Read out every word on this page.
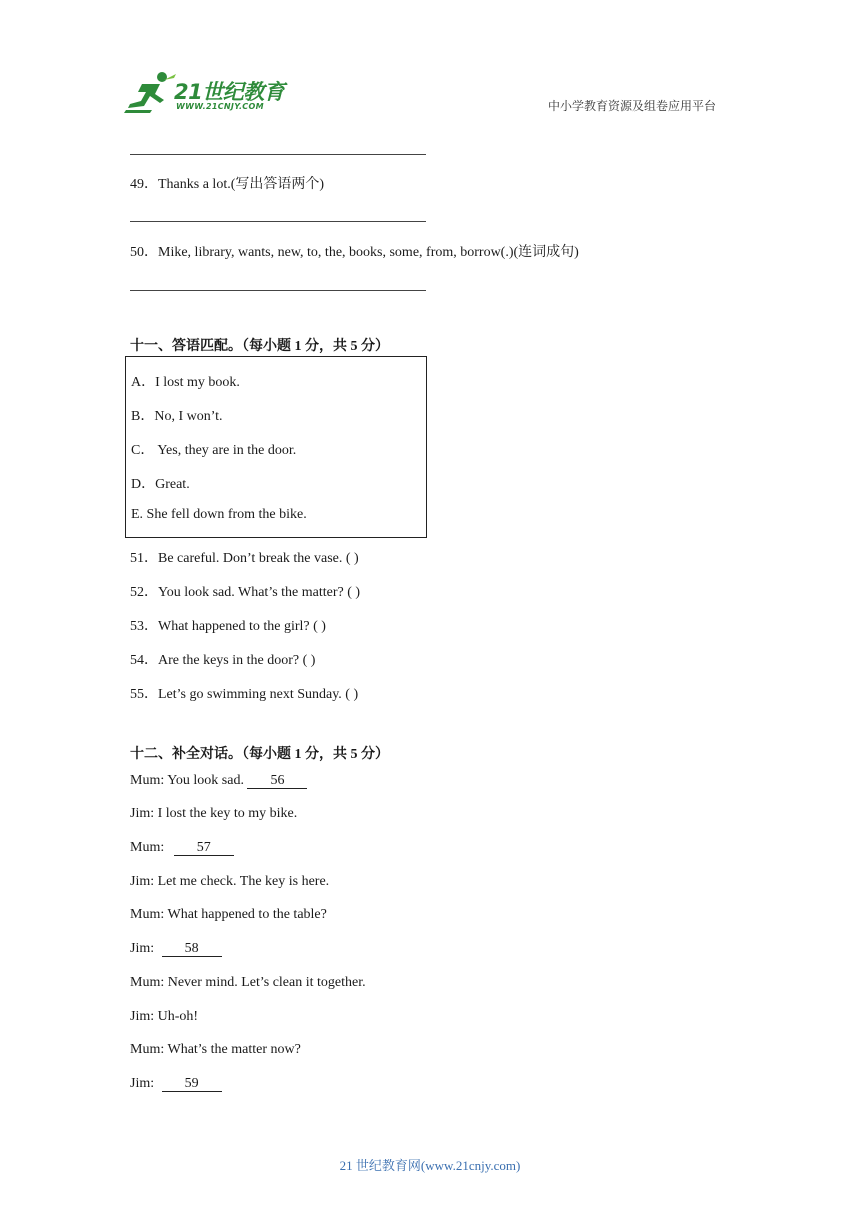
21世纪教育
WWW.21CNJY.COM	中小学教育资源及组卷应用平台
49．Thanks a lot.(写出答语两个)
50．Mike, library, wants, new, to, the, books, some, from, borrow(.)(连词成句)
十一、答语匹配。（每小题 1 分，共 5 分）
A．I lost my book.
B．No, I won’t.
C． Yes, they are in the door.
D．Great.
E. She fell down from the bike.
51．Be careful. Don’t break the vase. ( )
52．You look sad. What’s the matter? ( )
53．What happened to the girl? ( )
54．Are the keys in the door? ( )
55．Let’s go swimming next Sunday. ( )
十二、补全对话。（每小题 1 分，共 5 分）
Mum: You look sad. 56
Jim: I lost the key to my bike.
Mum: 57
Jim: Let me check. The key is here.
Mum: What happened to the table?
Jim: 58
Mum: Never mind. Let’s clean it together.
Jim: Uh-oh!
Mum: What’s the matter now?
Jim: 59
21 世纪教育网(www.21cnjy.com)
